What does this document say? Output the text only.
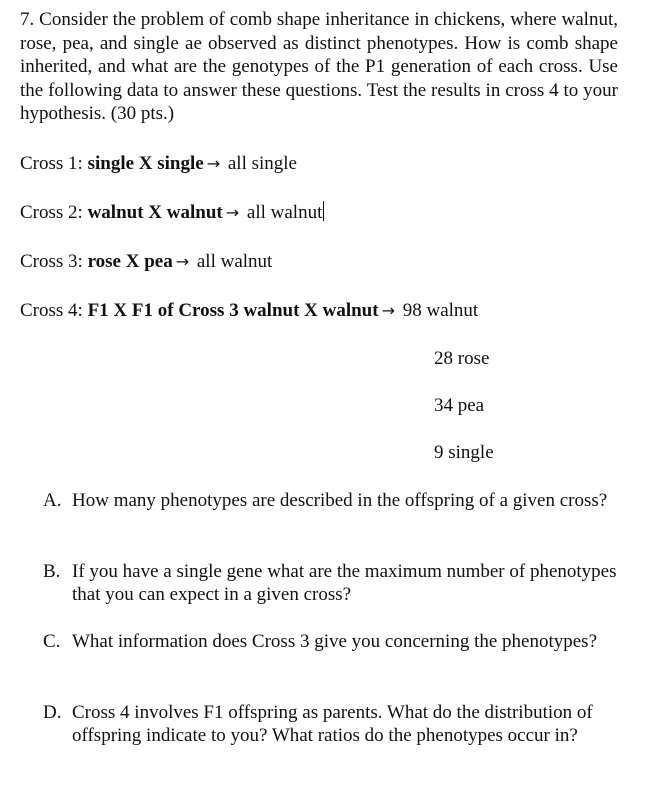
7. Consider the problem of comb shape inheritance in chickens, where walnut, rose, pea, and single ae observed as distinct phenotypes. How is comb shape inherited, and what are the genotypes of the P1 generation of each cross. Use the following data to answer these questions. Test the results in cross 4 to your hypothesis. (30 pts.)

Cross 1: single X single → all single

Cross 2: walnut X walnut → all walnut

Cross 3: rose X pea → all walnut

Cross 4: F1 X F1 of Cross 3 walnut X walnut → 98 walnut

28 rose

34 pea

9 single

A. How many phenotypes are described in the offspring of a given cross?
B. If you have a single gene what are the maximum number of phenotypes that you can expect in a given cross?
C. What information does Cross 3 give you concerning the phenotypes?
D. Cross 4 involves F1 offspring as parents. What do the distribution of offspring indicate to you? What ratios do the phenotypes occur in?
